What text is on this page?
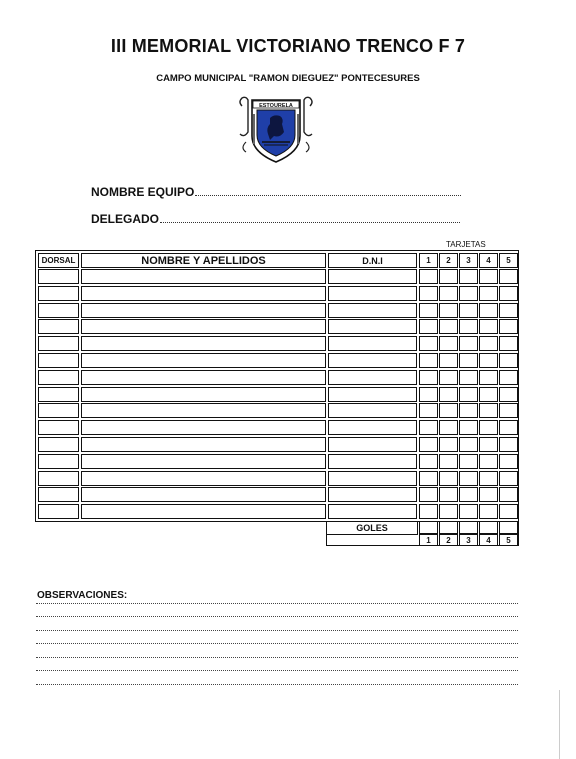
III MEMORIAL VICTORIANO TRENCO F 7
CAMPO MUNICIPAL "RAMON DIEGUEZ" PONTECESURES
ESTOURELA
NOMBRE EQUIPO
DELEGADO
TARJETAS
DORSAL	NOMBRE Y APELLIDOS	D.N.I	1	2	3	4	5
GOLES
1	2	3	4	5
OBSERVACIONES:
